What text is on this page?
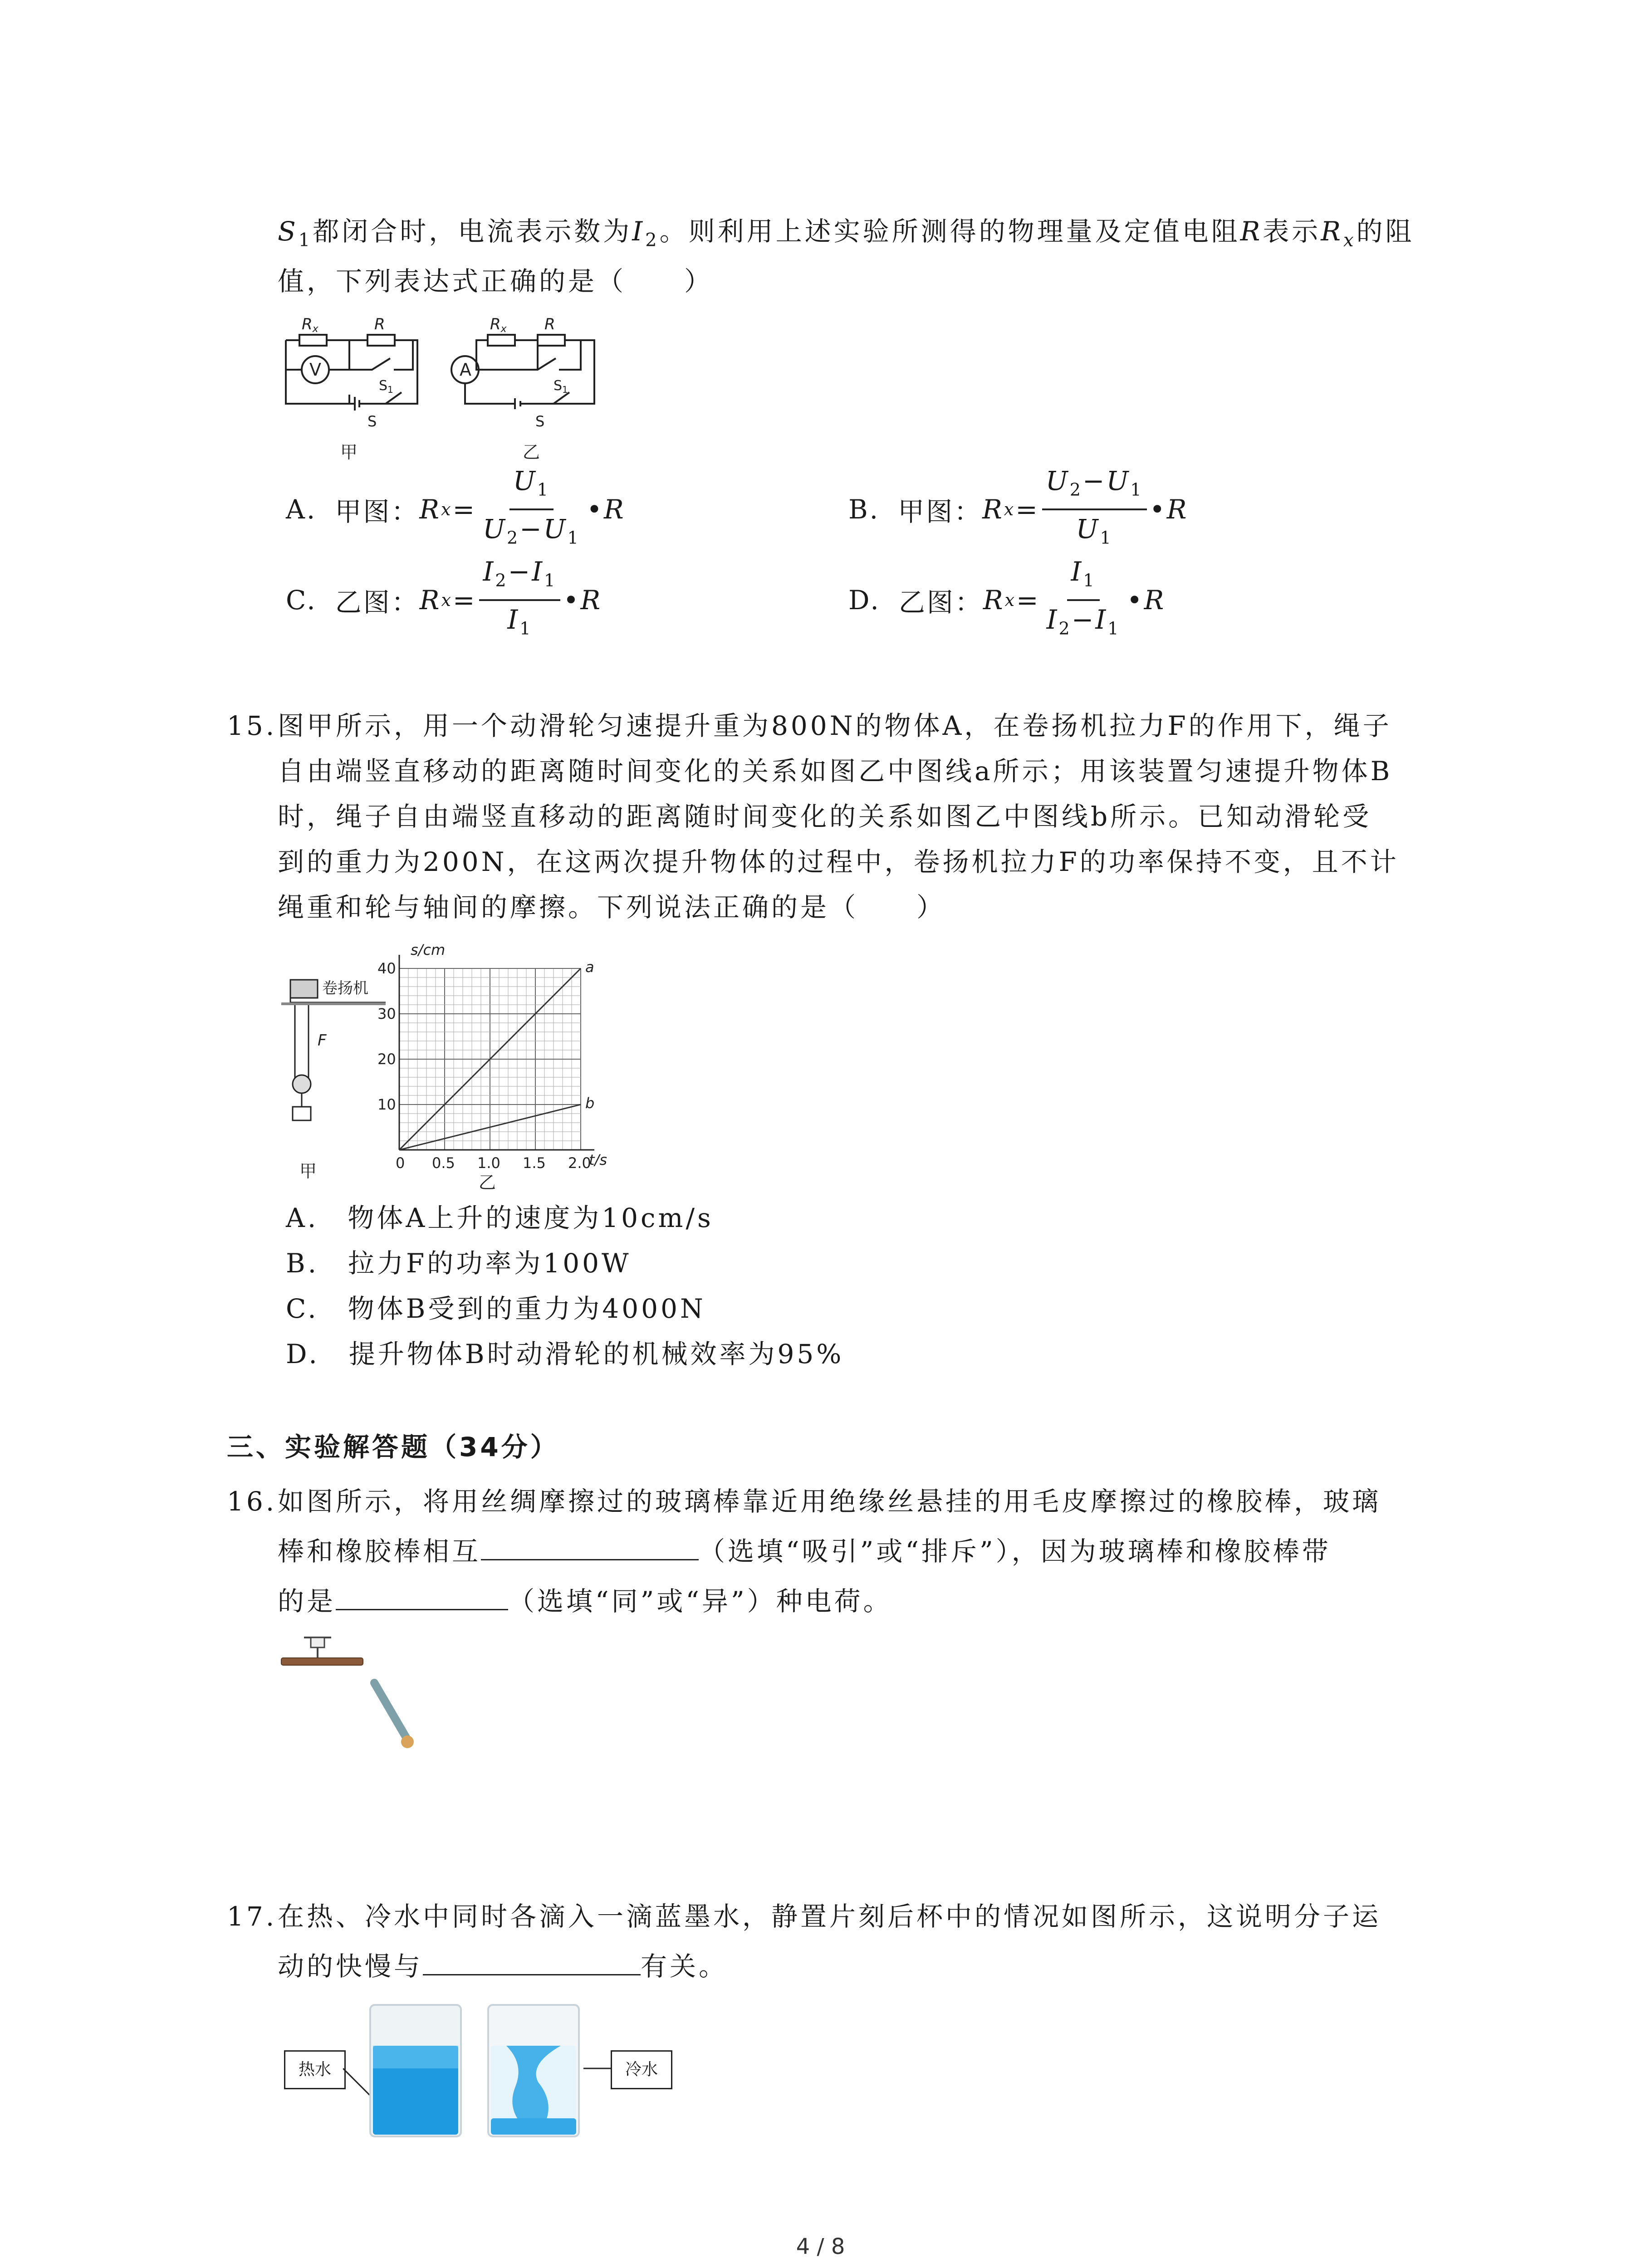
$S_1$都闭合时，电流表示数为$I_2$。则利用上述实验所测得的物理量及定值电阻R表示$R_x$的阻
值，下列表达式正确的是（　　）
V
Rx	R
$S_1$
S
甲
A
Rx R
$S_1$
S
乙
A. 甲图： R $x = \frac{U_1}{U_2-U_1}$ • R	B. 甲图： R $x = \frac{U_2-U_1}{U_1}$ • R
C. 乙图： R $x = \frac{I_2-I_1}{I_1}$ • R	D. 乙图： R $x = \frac{I_1}{I_2-I_1}$ • R
15. 图甲所示，用一个动滑轮匀速提升重为800N的物体A，在卷扬机拉力F的作用下，绳子
自由端竖直移动的距离随时间变化的关系如图乙中图线a所示；用该装置匀速提升物体B
时，绳子自由端竖直移动的距离随时间变化的关系如图乙中图线b所示。已知动滑轮受
到的重力为200N，在这两次提升物体的过程中，卷扬机拉力F的功率保持不变，且不计
绳重和轮与轴间的摩擦。下列说法正确的是（　　）
卷扬机
F
甲	0 0.5 1.0 1.5 2.0
10
20
30
40	a
b
s/cm
t/s
乙
A.　物体A上升的速度为10cm/s
B.　拉力F的功率为100W
C.　物体B受到的重力为4000N
D.　提升物体B时动滑轮的机械效率为95%
三、实验解答题（34分）
16. 如图所示，将用丝绸摩擦过的玻璃棒靠近用绝缘丝悬挂的用毛皮摩擦过的橡胶棒，玻璃
棒和橡胶棒相互	（选填“吸引”或“排斥”），因为玻璃棒和橡胶棒带
的是	（选填“同”或“异”）种电荷。
17. 在热、冷水中同时各滴入一滴蓝墨水，静置片刻后杯中的情况如图所示，这说明分子运
动的快慢与	有关。
热水	冷水
4 / 8
